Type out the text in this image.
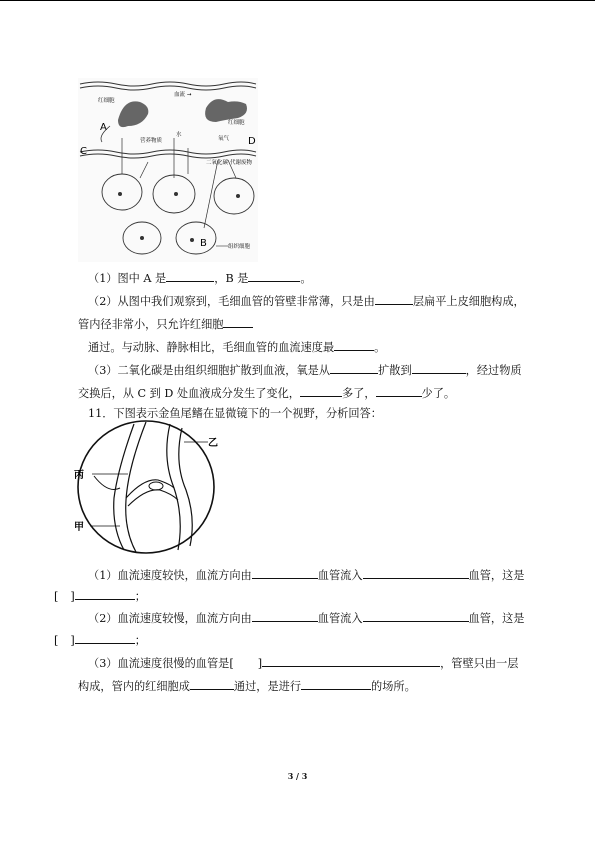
红细胞
血流 →
红细胞
A
C
D
营养物质
水
氧气
二氧化碳 代谢废物
B	组织细胞
（1）图中 A 是	，B 是	。
（2）从图中我们观察到，毛细血管的管壁非常薄，只是由	层扁平上皮细胞构成，
管内径非常小，只允许红细胞
通过。与动脉、静脉相比，毛细血管的血流速度最	。
（3）二氧化碳是由组织细胞扩散到血液，氧是从	扩散到	，经过物质
交换后，从 C 到 D 处血液成分发生了变化，	多了，	少了。
11．下图表示金鱼尾鳍在显微镜下的一个视野，分析回答：
乙
丙
甲
（1）血流速度较快，血流方向由	血管流入	血管，这是
[ ]	；
（2）血流速度较慢，血流方向由	血管流入	血管，这是
[ ]	；
（3）血流速度很慢的血管是[ ]	，管壁只由一层
构成，管内的红细胞成	通过，是进行	的场所。
3 / 3
